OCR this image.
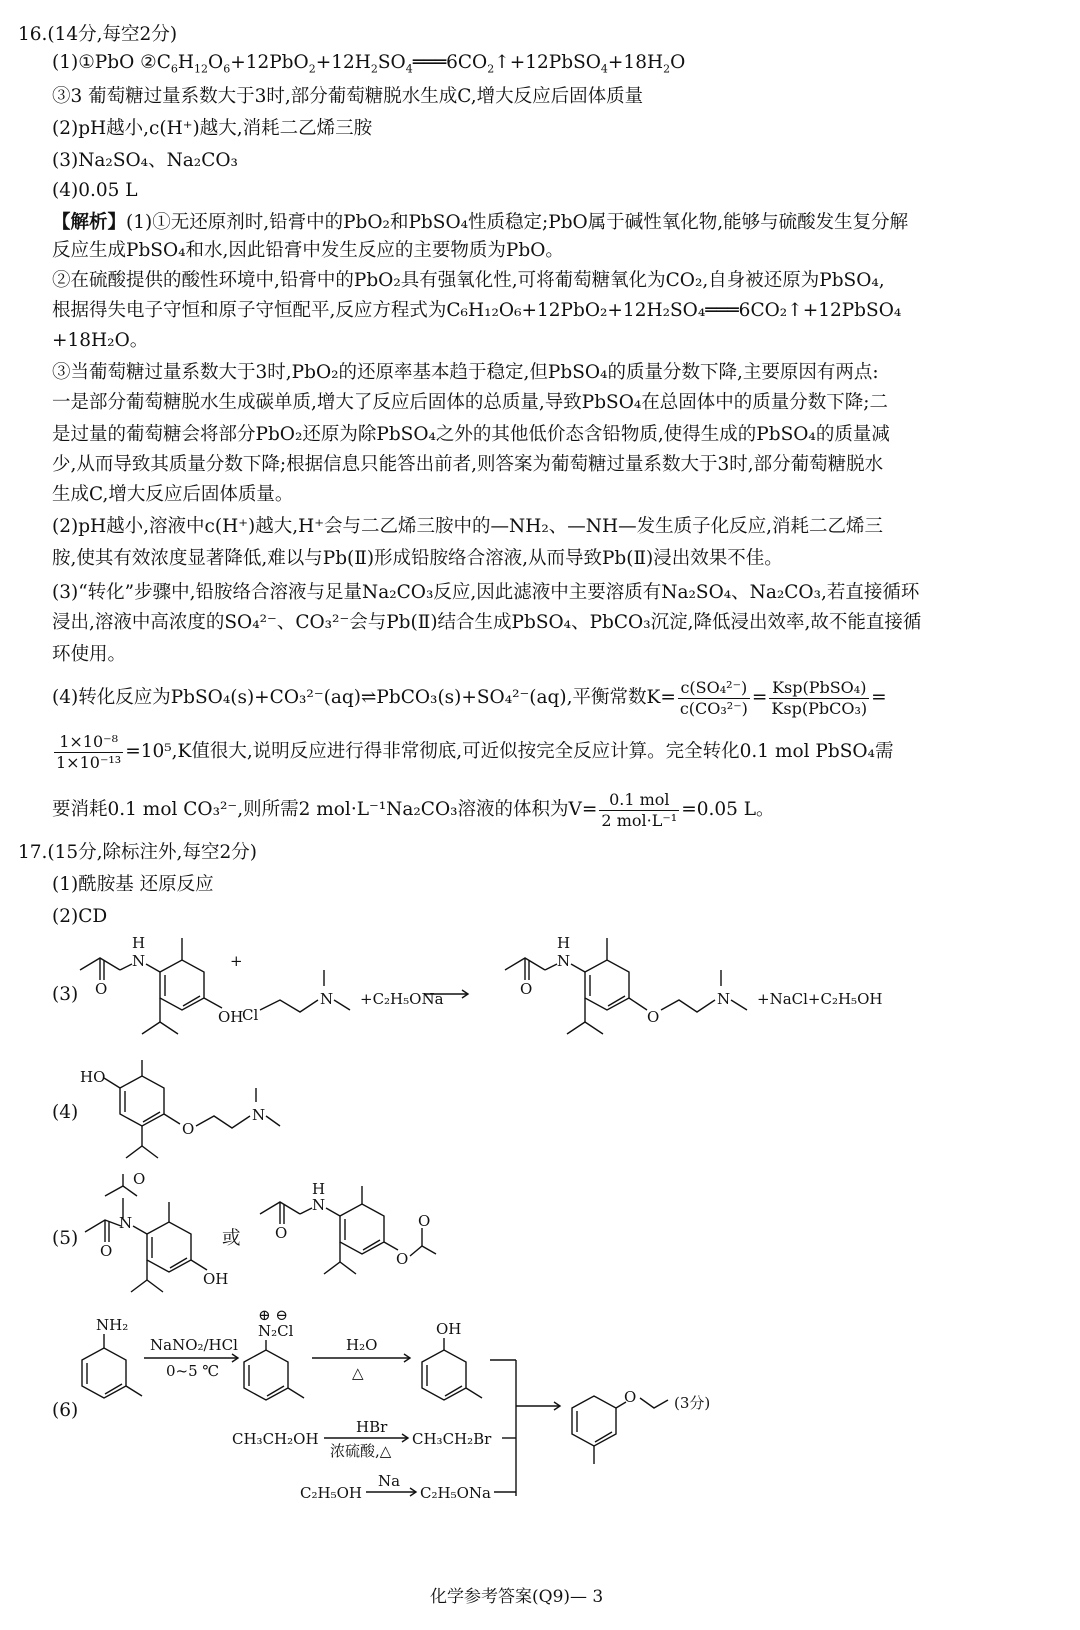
16.(14分,每空2分)
(1)①PbO $②C_6H_{12}O_6+12PbO_2+12H_2SO_4═══6CO_2↑+12PbSO_4+18H_2O$
③3 葡萄糖过量系数大于3时,部分葡萄糖脱水生成C,增大反应后固体质量
(2)pH越小,c(H⁺)越大,消耗二乙烯三胺
(3)Na₂SO₄、Na₂CO₃
(4)0.05 L
【解析】(1)①无还原剂时,铅膏中的PbO₂和PbSO₄性质稳定;PbO属于碱性氧化物,能够与硫酸发生复分解
反应生成PbSO₄和水,因此铅膏中发生反应的主要物质为PbO。
②在硫酸提供的酸性环境中,铅膏中的PbO₂具有强氧化性,可将葡萄糖氧化为CO₂,自身被还原为PbSO₄,
根据得失电子守恒和原子守恒配平,反应方程式为C₆H₁₂O₆+12PbO₂+12H₂SO₄═══6CO₂↑+12PbSO₄
+18H₂O。
③当葡萄糖过量系数大于3时,PbO₂的还原率基本趋于稳定,但PbSO₄的质量分数下降,主要原因有两点:
一是部分葡萄糖脱水生成碳单质,增大了反应后固体的总质量,导致PbSO₄在总固体中的质量分数下降;二
是过量的葡萄糖会将部分PbO₂还原为除PbSO₄之外的其他低价态含铅物质,使得生成的PbSO₄的质量减
少,从而导致其质量分数下降;根据信息只能答出前者,则答案为葡萄糖过量系数大于3时,部分葡萄糖脱水
生成C,增大反应后固体质量。
(2)pH越小,溶液中c(H⁺)越大,H⁺会与二乙烯三胺中的—NH₂、—NH—发生质子化反应,消耗二乙烯三
胺,使其有效浓度显著降低,难以与Pb(Ⅱ)形成铅胺络合溶液,从而导致Pb(Ⅱ)浸出效果不佳。
(3)“转化”步骤中,铅胺络合溶液与足量Na₂CO₃反应,因此滤液中主要溶质有Na₂SO₄、Na₂CO₃,若直接循环
浸出,溶液中高浓度的SO₄²⁻、CO₃²⁻会与Pb(Ⅱ)结合生成PbSO₄、PbCO₃沉淀,降低浸出效率,故不能直接循
环使用。
(4)转化反应为PbSO₄(s)+CO₃²⁻(aq)⇌PbCO₃(s)+SO₄²⁻(aq),平衡常数$K= \frac{\text{c(SO₄²⁻)}}{\text{c(CO₃²⁻)}} = \frac{\text{Ksp(PbSO₄)}}{\text{Ksp(PbCO₃)}}$ =
$\frac{\text{1×10⁻⁸}}{\text{1×10⁻¹³}} =10^5,K$值很大,说明反应进行得非常彻底,可近似按完全反应计算。完全转化0.1 mol PbSO₄需
要消耗0.1 mol CO₃²⁻,则所需2 mol·L⁻¹Na₂CO₃溶液的体积为$V= \frac{\text{0.1 mol}}{\text{2 mol·L⁻¹}} =0.05$ L。
17.(15分,除标注外,每空2分)
(1)酰胺基 还原反应
(2)CD
(3) O
N
H
OH
+
Cl
N +C₂H₅ONa
O
N
H
O
N +NaCl+C₂H₅OH
(4)
HO
O
N
(5)
O
O
N
OH
或 O
N
H
O
O
(6)
NH₂
NaNO₂/HCl
0~5 ℃
⊕ ⊖
N₂Cl
H₂O
△
OH
CH₃CH₂OH
HBr
浓硫酸,△
CH₃CH₂Br
C₂H₅OH
Na
C₂H₅ONa
O	(3分)
化学参考答案(Q9)— 3
